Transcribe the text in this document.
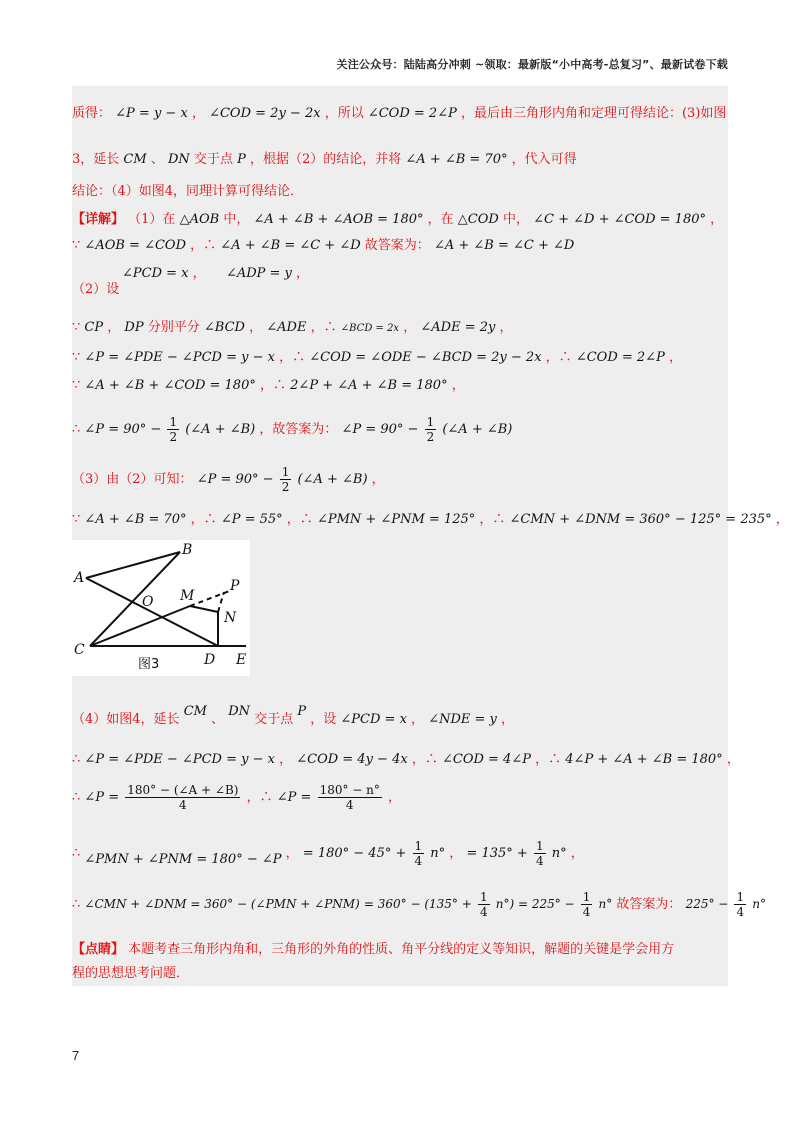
关注公众号：陆陆高分冲刺 ~领取：最新版“小中高考-总复习”、最新试卷下载
质得： ∠P = y − x ， ∠COD = 2y − 2x ，所以 ∠COD = 2∠P ，最后由三角形内角和定理可得结论：(3)如图
3，延长 CM 、 DN 交于点 P ，根据（2）的结论，并将 ∠A + ∠B = 70° ，代入可得
结论：（4）如图4，同理计算可得结论．
【详解】 （1）在 △AOB 中， ∠A + ∠B + ∠AOB = 180° ，在 △COD 中， ∠C + ∠D + ∠COD = 180° ，
∵ ∠AOB = ∠COD ，∴ ∠A + ∠B = ∠C + ∠D 故答案为： ∠A + ∠B = ∠C + ∠D
∠PCD = x ， ∠ADP = y ，
（2）设
∵ CP ， DP 分别平分 ∠BCD ， ∠ADE ，∴ ∠BCD = 2x ， ∠ADE = 2y ，
∵ ∠P = ∠PDE − ∠PCD = y − x ，∴ ∠COD = ∠ODE − ∠BCD = 2y − 2x ，∴ ∠COD = 2∠P ，
∵ ∠A + ∠B + ∠COD = 180° ，∴ 2∠P + ∠A + ∠B = 180° ，
∴ ∠P = $90^\circ - \frac{1}{2}$ (∠A + ∠B) ，故答案为： ∠P = $90^\circ - \frac{1}{2}$ (∠A + ∠B)
（3）由（2）可知： ∠P = $90^\circ - \frac{1}{2}$ (∠A + ∠B) ，
∵ ∠A + ∠B = 70° ，∴ ∠P = 55° ，∴ ∠PMN + ∠PNM = 125° ，∴ ∠CMN + ∠DNM = 360° − 125° = 235° ，
A
B
O M
P
N
C
D E
图3
（4）如图4，延长 CM 、 DN 交于点 P ，设 ∠PCD = x ， ∠NDE = y ，
∴ ∠P = ∠PDE − ∠PCD = y − x ， ∠COD = 4y − 4x ，∴ ∠COD = 4∠P ，∴ 4∠P + ∠A + ∠B = 180° ，
∴ ∠P = $\frac{180^\circ - (\angle A + \angle B)}{4}$ ，∴ ∠P = $\frac{180^\circ - n^\circ}{4}$ ，
∴ ∠PMN + ∠PNM = 180° − ∠P ， = $180^\circ - 45^\circ + \frac{1}{4} n^\circ$ ， = $135^\circ + \frac{1}{4} n^\circ$ ，
∴ ∠CMN + ∠DNM = 360° − (∠PMN + ∠PNM) = $360^\circ - (135^\circ + \frac{1}{4} n^\circ) = 225^\circ - \frac{1}{4} n^\circ$ 故答案为： $225^\circ - \frac{1}{4} n^\circ$
【点睛】 本题考查三角形内角和，三角形的外角的性质、角平分线的定义等知识，解题的关键是学会用方
程的思想思考问题．
7
